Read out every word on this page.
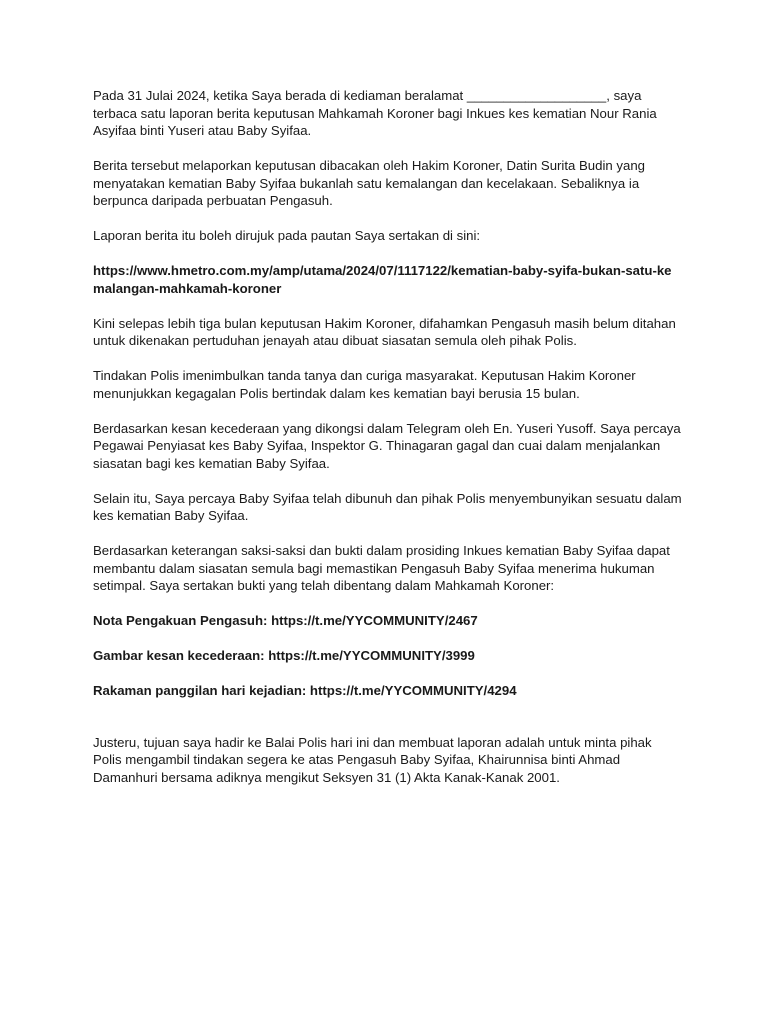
Pada 31 Julai 2024, ketika Saya berada di kediaman beralamat ___________________, saya terbaca satu laporan berita keputusan Mahkamah Koroner bagi Inkues kes kematian Nour Rania Asyifaa binti Yuseri atau Baby Syifaa.

Berita tersebut melaporkan keputusan dibacakan oleh Hakim Koroner, Datin Surita Budin yang menyatakan kematian Baby Syifaa bukanlah satu kemalangan dan kecelakaan. Sebaliknya ia berpunca daripada perbuatan Pengasuh.

Laporan berita itu boleh dirujuk pada pautan Saya sertakan di sini:

https://www.hmetro.com.my/amp/utama/2024/07/1117122/kematian-baby-syifa-bukan-satu-kemalangan-mahkamah-koroner

Kini selepas lebih tiga bulan keputusan Hakim Koroner, difahamkan Pengasuh masih belum ditahan untuk dikenakan pertuduhan jenayah atau dibuat siasatan semula oleh pihak Polis.

Tindakan Polis imenimbulkan tanda tanya dan curiga masyarakat. Keputusan Hakim Koroner menunjukkan kegagalan Polis bertindak dalam kes kematian bayi berusia 15 bulan.

Berdasarkan kesan kecederaan yang dikongsi dalam Telegram oleh En. Yuseri Yusoff. Saya percaya Pegawai Penyiasat kes Baby Syifaa, Inspektor G. Thinagaran gagal dan cuai dalam menjalankan siasatan bagi kes kematian Baby Syifaa.

Selain itu, Saya percaya Baby Syifaa telah dibunuh dan pihak Polis menyembunyikan sesuatu dalam kes kematian Baby Syifaa.

Berdasarkan keterangan saksi-saksi dan bukti dalam prosiding Inkues kematian Baby Syifaa dapat membantu dalam siasatan semula bagi memastikan Pengasuh Baby Syifaa menerima hukuman setimpal. Saya sertakan bukti yang telah dibentang dalam Mahkamah Koroner:

Nota Pengakuan Pengasuh: https://t.me/YYCOMMUNITY/2467

Gambar kesan kecederaan: https://t.me/YYCOMMUNITY/3999

Rakaman panggilan hari kejadian: https://t.me/YYCOMMUNITY/4294

Justeru, tujuan saya hadir ke Balai Polis hari ini dan membuat laporan adalah untuk minta pihak Polis mengambil tindakan segera ke atas Pengasuh Baby Syifaa, Khairunnisa binti Ahmad Damanhuri bersama adiknya mengikut Seksyen 31 (1) Akta Kanak-Kanak 2001.
